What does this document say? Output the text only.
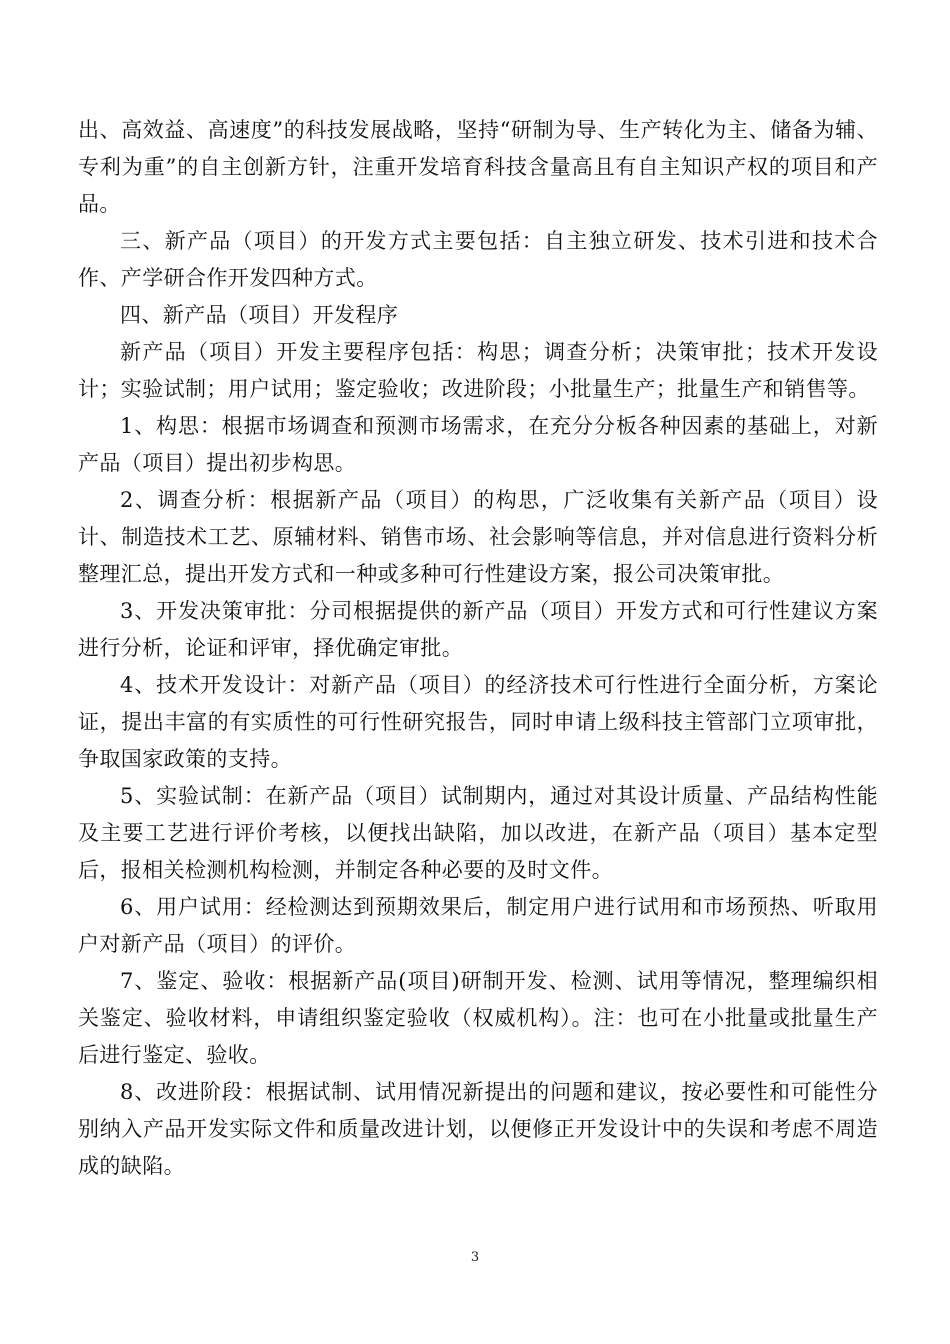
出、高效益、高速度”的科技发展战略，坚持“研制为导、生产转化为主、储备为辅、专利为重”的自主创新方针，注重开发培育科技含量高且有自主知识产权的项目和产品。

三、新产品（项目）的开发方式主要包括：自主独立研发、技术引进和技术合作、产学研合作开发四种方式。

四、新产品（项目）开发程序

新产品（项目）开发主要程序包括：构思；调查分析；决策审批；技术开发设计；实验试制；用户试用；鉴定验收；改进阶段；小批量生产；批量生产和销售等。

1、构思：根据市场调查和预测市场需求，在充分分板各种因素的基础上，对新产品（项目）提出初步构思。

2、调查分析：根据新产品（项目）的构思，广泛收集有关新产品（项目）设计、制造技术工艺、原辅材料、销售市场、社会影响等信息，并对信息进行资料分析整理汇总，提出开发方式和一种或多种可行性建设方案，报公司决策审批。

3、开发决策审批：分司根据提供的新产品（项目）开发方式和可行性建议方案进行分析，论证和评审，择优确定审批。

4、技术开发设计：对新产品（项目）的经济技术可行性进行全面分析，方案论证，提出丰富的有实质性的可行性研究报告，同时申请上级科技主管部门立项审批，争取国家政策的支持。

5、实验试制：在新产品（项目）试制期内，通过对其设计质量、产品结构性能及主要工艺进行评价考核，以便找出缺陷，加以改进，在新产品（项目）基本定型后，报相关检测机构检测，并制定各种必要的及时文件。

6、用户试用：经检测达到预期效果后，制定用户进行试用和市场预热、听取用户对新产品（项目）的评价。

7、鉴定、验收：根据新产品(项目)研制开发、检测、试用等情况，整理编织相关鉴定、验收材料，申请组织鉴定验收（权威机构）。注：也可在小批量或批量生产后进行鉴定、验收。

8、改进阶段：根据试制、试用情况新提出的问题和建议，按必要性和可能性分别纳入产品开发实际文件和质量改进计划，以便修正开发设计中的失误和考虑不周造成的缺陷。

3
